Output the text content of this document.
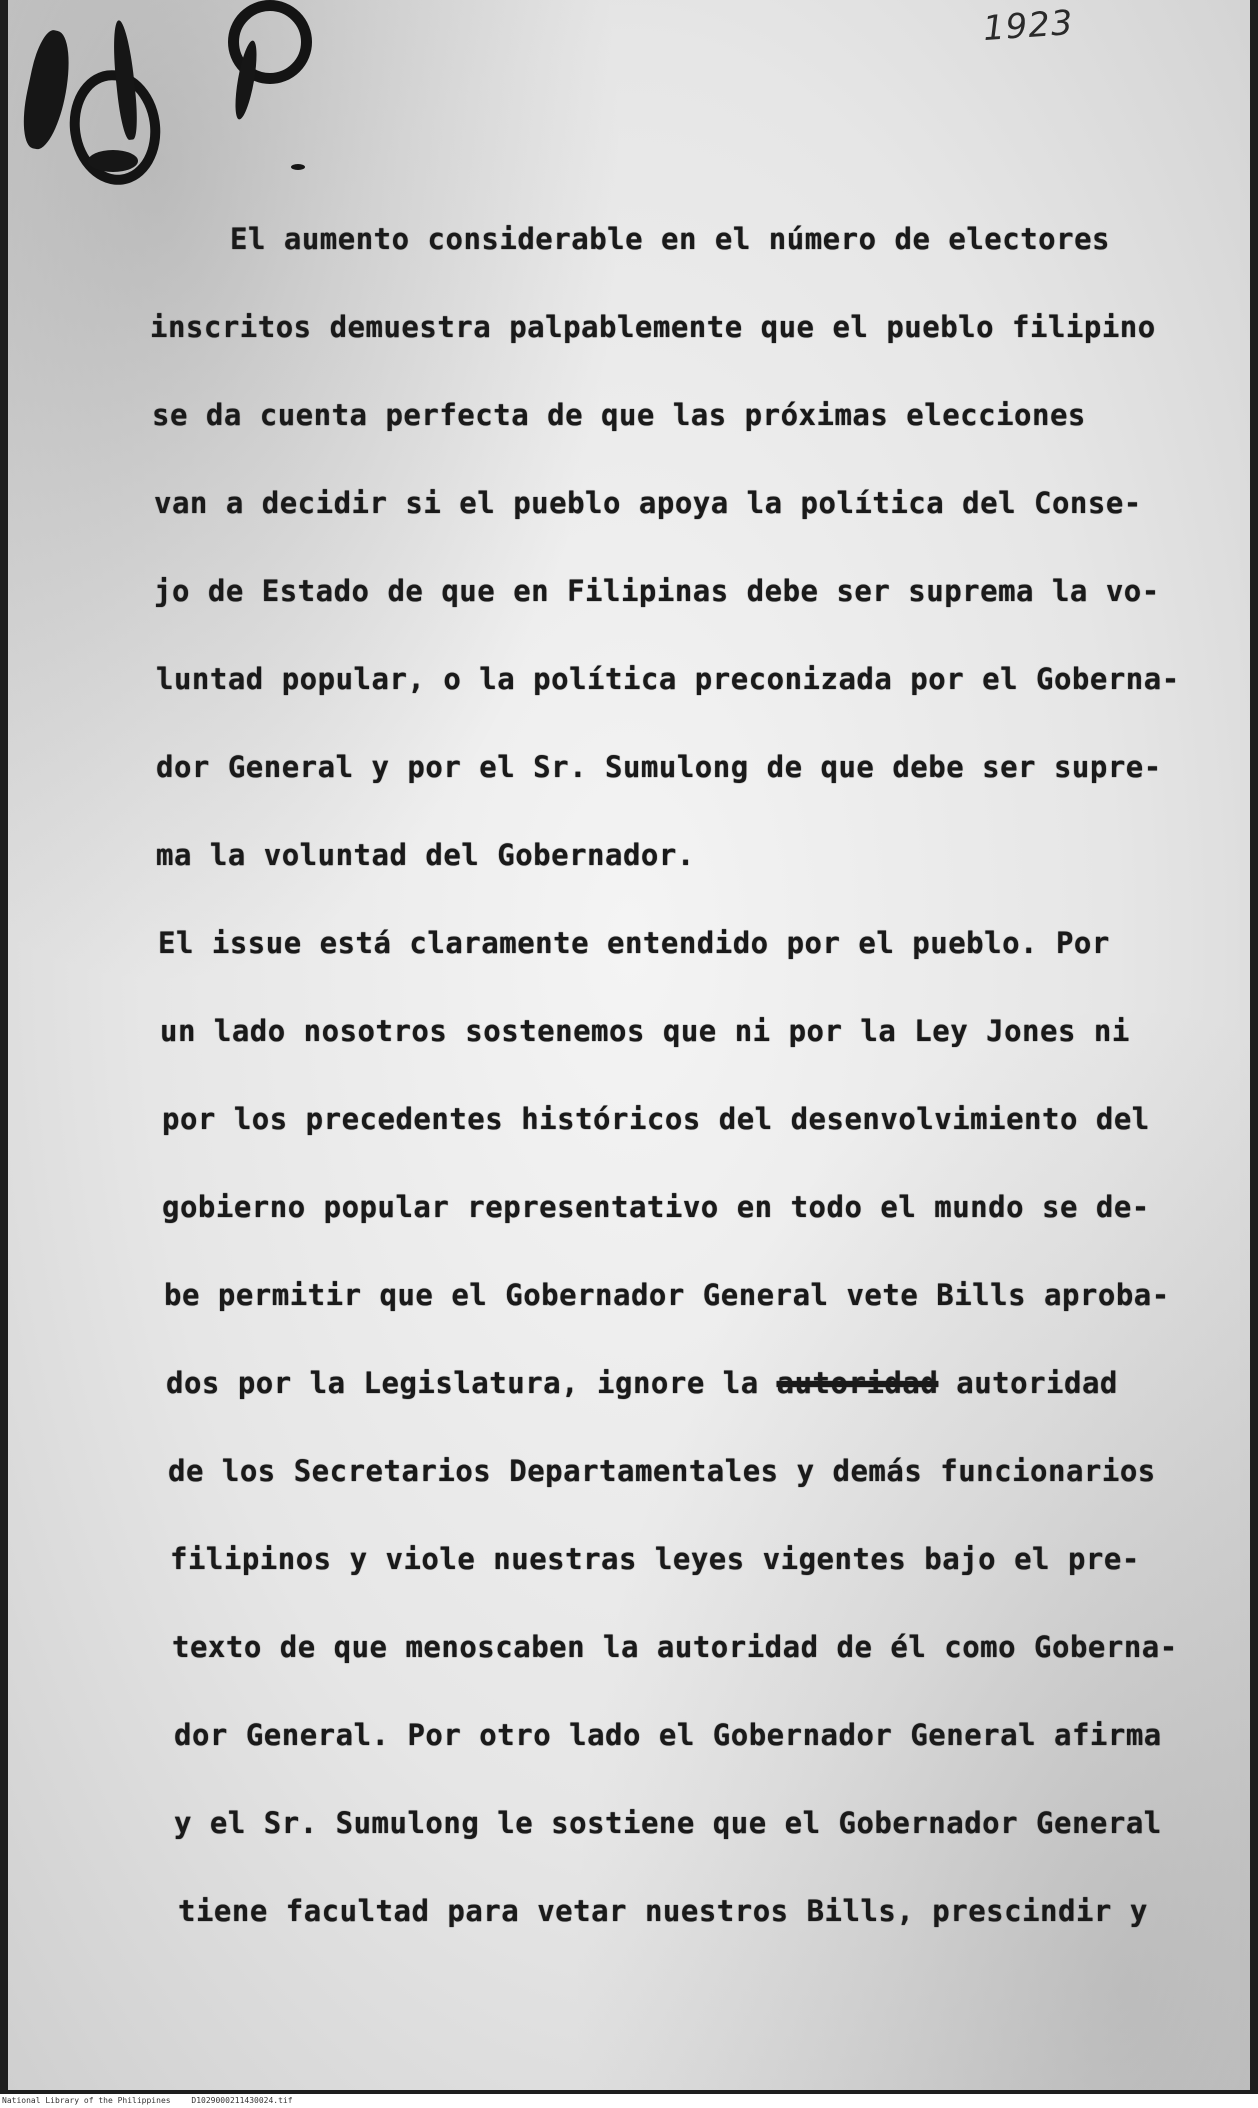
1923
El aumento considerable en el número de electores
inscritos demuestra palpablemente que el pueblo filipino
se da cuenta perfecta de que las próximas elecciones
van a decidir si el pueblo apoya la política del Conse-
jo de Estado de que en Filipinas debe ser suprema la vo-
luntad popular, o la política preconizada por el Goberna-
dor General y por el Sr. Sumulong de que debe ser supre-
ma la voluntad del Gobernador.
El issue está claramente entendido por el pueblo. Por
un lado nosotros sostenemos que ni por la Ley Jones ni
por los precedentes históricos del desenvolvimiento del
gobierno popular representativo en todo el mundo se de-
be permitir que el Gobernador General vete Bills aproba-
dos por la Legislatura, ignore la autoridad autoridad
de los Secretarios Departamentales y demás funcionarios
filipinos y viole nuestras leyes vigentes bajo el pre-
texto de que menoscaben la autoridad de él como Goberna-
dor General. Por otro lado el Gobernador General afirma
y el Sr. Sumulong le sostiene que el Gobernador General
tiene facultad para vetar nuestros Bills, prescindir y
National Library of the Philippines	D1029000211430024.tif
